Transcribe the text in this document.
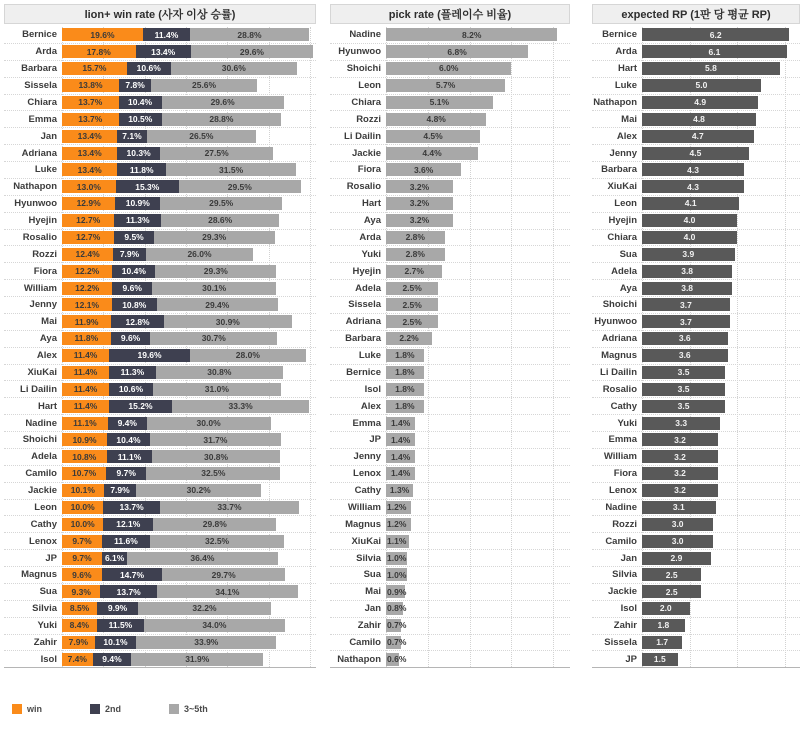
lion+ win rate (사자 이상 승률)
Bernice	19.6%	11.4%	28.8%
Arda	17.8%	13.4%	29.6%
Barbara	15.7%	10.6%	30.6%
Sissela	13.8%	7.8%	25.6%
Chiara	13.7%	10.4%	29.6%
Emma	13.7%	10.5%	28.8%
Jan	13.4% 7.1%	26.5%
Adriana	13.4%	10.3%	27.5%
Luke	13.4%	11.8%	31.5%
Nathapon	13.0%	15.3%	29.5%
Hyunwoo	12.9%	10.9%	29.5%
Hyejin	12.7%	11.3%	28.6%
Rosalio	12.7%	9.5%	29.3%
Rozzi	12.4% 7.9%	26.0%
Fiora	12.2%	10.4%	29.3%
William	12.2%	9.6%	30.1%
Jenny	12.1%	10.8%	29.4%
Mai	11.9%	12.8%	30.9%
Aya	11.8%	9.6%	30.7%
Alex	11.4%	19.6%	28.0%
XiuKai	11.4%	11.3%	30.8%
Li Dailin	11.4%	10.6%	31.0%
Hart	11.4%	15.2%	33.3%
Nadine	11.1% 9.4%	30.0%
Shoichi	10.9% 10.4%	31.7%
Adela	10.8%	11.1%	30.8%
Camilo	10.7% 9.7%	32.5%
Jackie	10.1% 7.9%	30.2%
Leon	10.0%	13.7%	33.7%
Cathy	10.0%	12.1%	29.8%
Lenox	9.7%	11.6%	32.5%
JP	9.7% 6.1%	36.4%
Magnus	9.6%	14.7%	29.7%
Sua	9.3%	13.7%	34.1%
Silvia	8.5% 9.9%	32.2%
Yuki	8.4% 11.5%	34.0%
Zahir	7.9% 10.1%	33.9%
Isol	7.4% 9.4%	31.9%
pick rate (플레이수 비율)
Nadine	8.2%
Hyunwoo	6.8%
Shoichi	6.0%
Leon	5.7%
Chiara	5.1%
Rozzi	4.8%
Li Dailin	4.5%
Jackie	4.4%
Fiora	3.6%
Rosalio	3.2%
Hart	3.2%
Aya	3.2%
Arda	2.8%
Yuki	2.8%
Hyejin	2.7%
Adela	2.5%
Sissela	2.5%
Adriana	2.5%
Barbara	2.2%
Luke	1.8%
Bernice	1.8%
Isol	1.8%
Alex	1.8%
Emma	1.4%
JP	1.4%
Jenny	1.4%
Lenox	1.4%
Cathy	1.3%
William 1.2%
Magnus 1.2%
XiuKai 1.1%
Silvia 1.0%
Sua 1.0%
Mai 0.9%
Jan 0.8%
Zahir 0.7%
Camilo 0.7%
Nathapon 0.6%
expected RP (1판 당 평균 RP)
Bernice	6.2
Arda	6.1
Hart	5.8
Luke	5.0
Nathapon	4.9
Mai	4.8
Alex	4.7
Jenny	4.5
Barbara	4.3
XiuKai	4.3
Leon	4.1
Hyejin	4.0
Chiara	4.0
Sua	3.9
Adela	3.8
Aya	3.8
Shoichi	3.7
Hyunwoo	3.7
Adriana	3.6
Magnus	3.6
Li Dailin	3.5
Rosalio	3.5
Cathy	3.5
Yuki	3.3
Emma	3.2
William	3.2
Fiora	3.2
Lenox	3.2
Nadine	3.1
Rozzi	3.0
Camilo	3.0
Jan	2.9
Silvia	2.5
Jackie	2.5
Isol	2.0
Zahir	1.8
Sissela	1.7
JP	1.5
win	2nd	3~5th
